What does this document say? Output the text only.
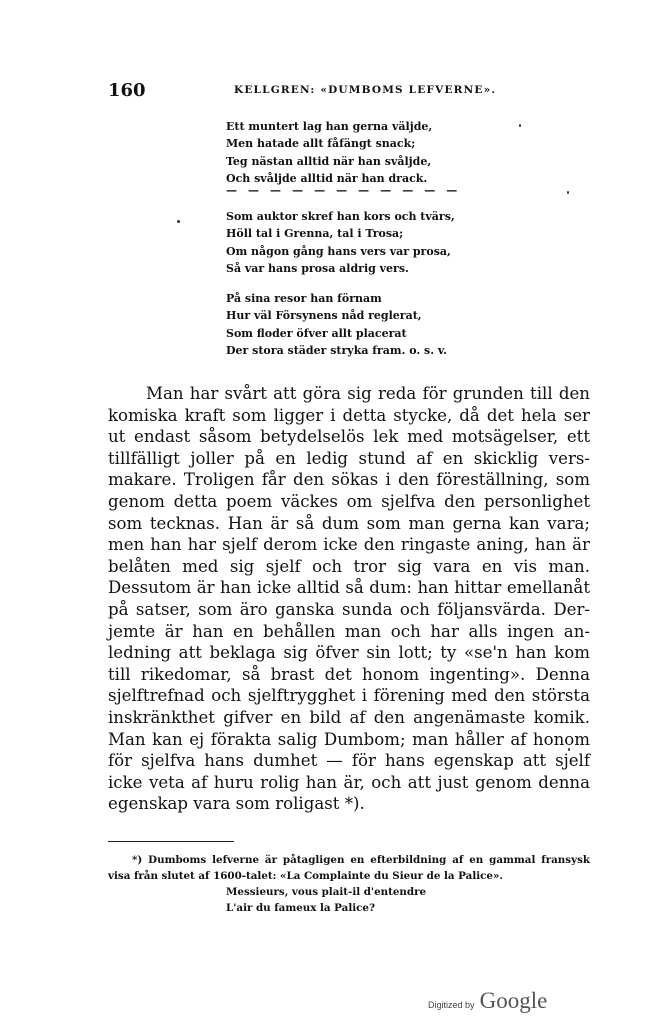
160	KELLGREN: «DUMBOMS LEFVERNE».
Ett muntert lag han gerna väljde,
Men hatade allt fåfängt snack;
Teg nästan alltid när han svåljde,
Och svåljde alltid när han drack.
— — — — — — — — — — —
Som auktor skref han kors och tvärs,
Höll tal i Grenna, tal i Trosa;
Om någon gång hans vers var prosa,
Så var hans prosa aldrig vers.
På sina resor han förnam
Hur väl Försynens nåd reglerat,
Som floder öfver allt placerat
Der stora städer stryka fram. o. s. v.

Man har svårt att göra sig reda för grunden till den komiska kraft som ligger i detta stycke, då det hela ser ut endast såsom betydelselös lek med motsägelser, ett tillfälligt joller på en ledig stund af en skicklig versmakare. Troligen får den sökas i den föreställning, som genom detta poem väckes om sjelfva den personlighet som tecknas. Han är så dum som man gerna kan vara; men han har sjelf derom icke den ringaste aning, han är belåten med sig sjelf och tror sig vara en vis man. Dessutom är han icke alltid så dum: han hittar emellanåt på satser, som äro ganska sunda och följansvärda. Derjemte är han en behållen man och har alls ingen anledning att beklaga sig öfver sin lott; ty «se'n han kom till rikedomar, så brast det honom ingenting». Denna sjelftrefnad och sjelftrygghet i förening med den största inskränkthet gifver en bild af den angenämaste komik. Man kan ej förakta salig Dumbom; man håller af honom för sjelfva hans dumhet — för hans egenskap att sjelf icke veta af huru rolig han är, och att just genom denna egenskap vara som roligast *).

*) Dumboms lefverne är påtagligen en efterbildning af en gammal fransysk visa från slutet af 1600-talet: «La Complainte du Sieur de la Palice».
Messieurs, vous plait-il d'entendre
L'air du fameux la Palice?
Digitized by Google
